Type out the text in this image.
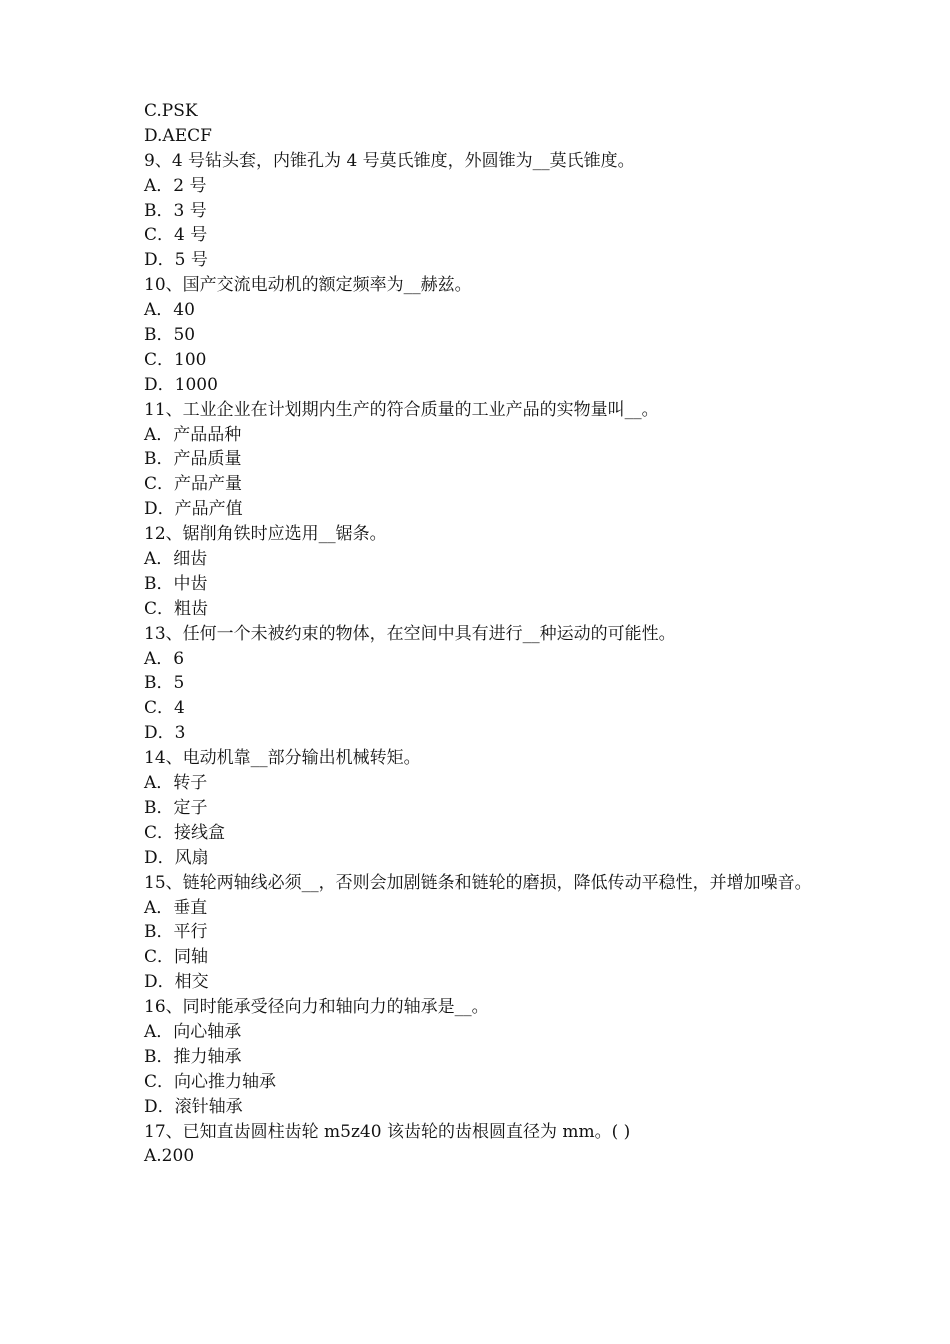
C.PSK
D.AECF
9、4 号钻头套，内锥孔为 4 号莫氏锥度，外圆锥为__莫氏锥度。
A．2 号
B．3 号
C．4 号
D．5 号
10、国产交流电动机的额定频率为__赫兹。
A．40
B．50
C．100
D．1000
11、工业企业在计划期内生产的符合质量的工业产品的实物量叫__。
A．产品品种
B．产品质量
C．产品产量
D．产品产值
12、锯削角铁时应选用__锯条。
A．细齿
B．中齿
C．粗齿
13、任何一个未被约束的物体，在空间中具有进行__种运动的可能性。
A．6
B．5
C．4
D．3
14、电动机靠__部分输出机械转矩。
A．转子
B．定子
C．接线盒
D．风扇
15、链轮两轴线必须__，否则会加剧链条和链轮的磨损，降低传动平稳性，并增加噪音。
A．垂直
B．平行
C．同轴
D．相交
16、同时能承受径向力和轴向力的轴承是__。
A．向心轴承
B．推力轴承
C．向心推力轴承
D．滚针轴承
17、已知直齿圆柱齿轮 m5z40 该齿轮的齿根圆直径为 mm。( )
A.200
